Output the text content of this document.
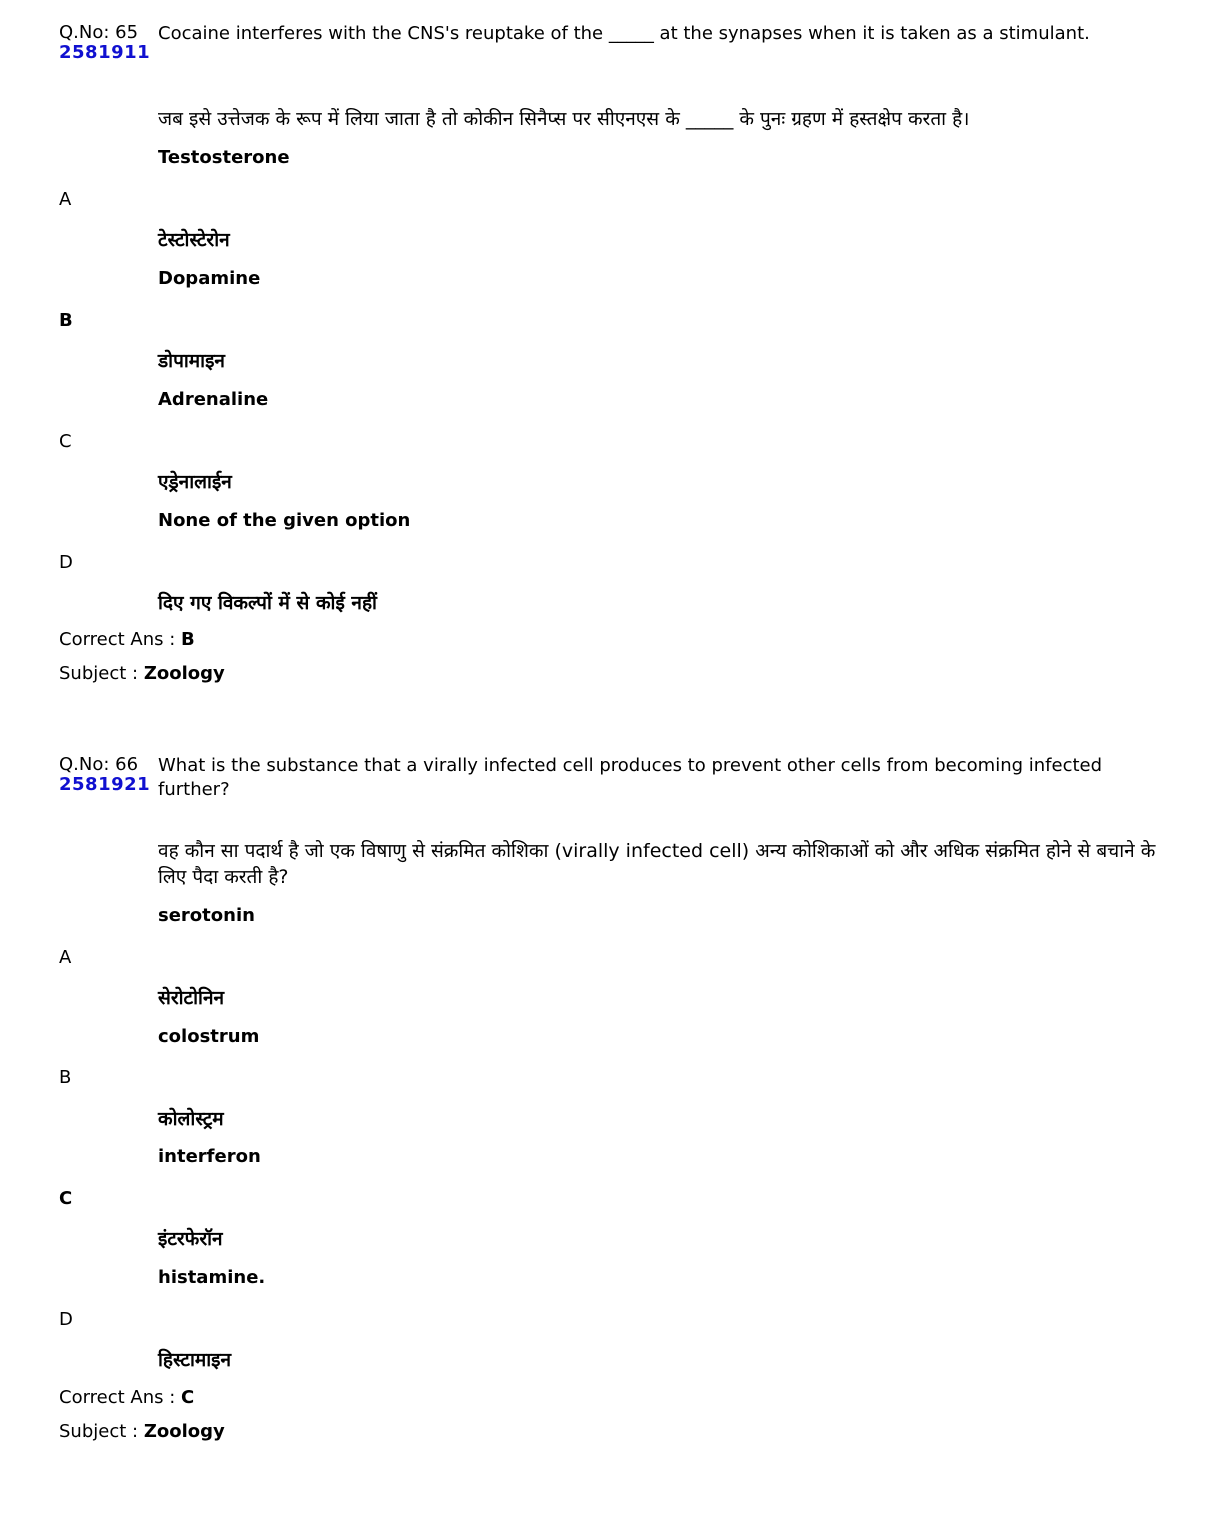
Q.No: 65
2581911
Cocaine interferes with the CNS's reuptake of the _____ at the synapses when it is taken as a stimulant.
जब इसे उत्तेजक के रूप में लिया जाता है तो कोकीन सिनैप्स पर सीएनएस के _____ के पुनः ग्रहण में हस्तक्षेप करता है।
Testosterone
A
टेस्टोस्टेरोन
Dopamine
B
डोपामाइन
Adrenaline
C
एड्रेनालाईन
None of the given option
D
दिए गए विकल्पों में से कोई नहीं
Correct Ans : B
Subject : Zoology
Q.No: 66
2581921
What is the substance that a virally infected cell produces to prevent other cells from becoming infected further?
वह कौन सा पदार्थ है जो एक विषाणु से संक्रमित कोशिका (virally infected cell) अन्य कोशिकाओं को और अधिक संक्रमित होने से बचाने के लिए पैदा करती है?
serotonin
A
सेरोटोनिन
colostrum
B
कोलोस्ट्रम
interferon
C
इंटरफेरॉन
histamine.
D
हिस्टामाइन
Correct Ans : C
Subject : Zoology
